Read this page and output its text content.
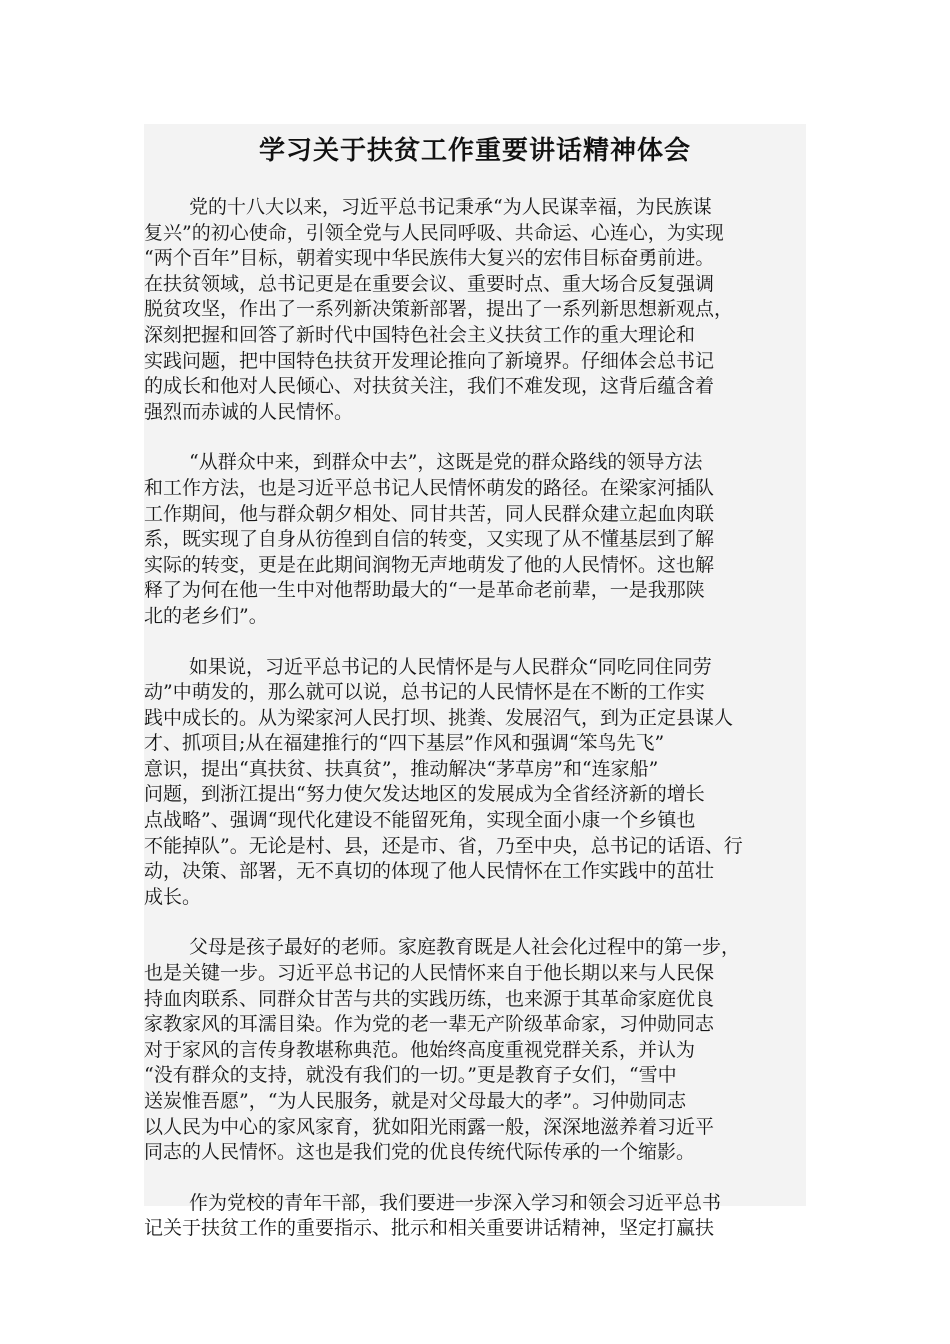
学习关于扶贫工作重要讲话精神体会

党的十八大以来，习近平总书记秉承“为人民谋幸福，为民族谋
复兴”的初心使命，引领全党与人民同呼吸、共命运、心连心，为实现
“两个百年”目标，朝着实现中华民族伟大复兴的宏伟目标奋勇前进。
在扶贫领域，总书记更是在重要会议、重要时点、重大场合反复强调
脱贫攻坚，作出了一系列新决策新部署，提出了一系列新思想新观点，
深刻把握和回答了新时代中国特色社会主义扶贫工作的重大理论和
实践问题，把中国特色扶贫开发理论推向了新境界。仔细体会总书记
的成长和他对人民倾心、对扶贫关注，我们不难发现，这背后蕴含着
强烈而赤诚的人民情怀。

“从群众中来，到群众中去”，这既是党的群众路线的领导方法
和工作方法，也是习近平总书记人民情怀萌发的路径。在梁家河插队
工作期间，他与群众朝夕相处、同甘共苦，同人民群众建立起血肉联
系，既实现了自身从彷徨到自信的转变，又实现了从不懂基层到了解
实际的转变，更是在此期间润物无声地萌发了他的人民情怀。这也解
释了为何在他一生中对他帮助最大的“一是革命老前辈，一是我那陕
北的老乡们”。

如果说，习近平总书记的人民情怀是与人民群众“同吃同住同劳
动”中萌发的，那么就可以说，总书记的人民情怀是在不断的工作实
践中成长的。从为梁家河人民打坝、挑粪、发展沼气，到为正定县谋人
才、抓项目;从在福建推行的“四下基层”作风和强调“笨鸟先飞”
意识，提出“真扶贫、扶真贫”，推动解决“茅草房”和“连家船”
问题，到浙江提出“努力使欠发达地区的发展成为全省经济新的增长
点战略”、强调“现代化建设不能留死角，实现全面小康一个乡镇也
不能掉队”。无论是村、县，还是市、省，乃至中央，总书记的话语、行
动，决策、部署，无不真切的体现了他人民情怀在工作实践中的茁壮
成长。

父母是孩子最好的老师。家庭教育既是人社会化过程中的第一步，
也是关键一步。习近平总书记的人民情怀来自于他长期以来与人民保
持血肉联系、同群众甘苦与共的实践历练，也来源于其革命家庭优良
家教家风的耳濡目染。作为党的老一辈无产阶级革命家，习仲勋同志
对于家风的言传身教堪称典范。他始终高度重视党群关系，并认为
“没有群众的支持，就没有我们的一切。”更是教育子女们，“雪中
送炭惟吾愿”，“为人民服务，就是对父母最大的孝”。习仲勋同志
以人民为中心的家风家育，犹如阳光雨露一般，深深地滋养着习近平
同志的人民情怀。这也是我们党的优良传统代际传承的一个缩影。

作为党校的青年干部，我们要进一步深入学习和领会习近平总书
记关于扶贫工作的重要指示、批示和相关重要讲话精神，坚定打赢扶
